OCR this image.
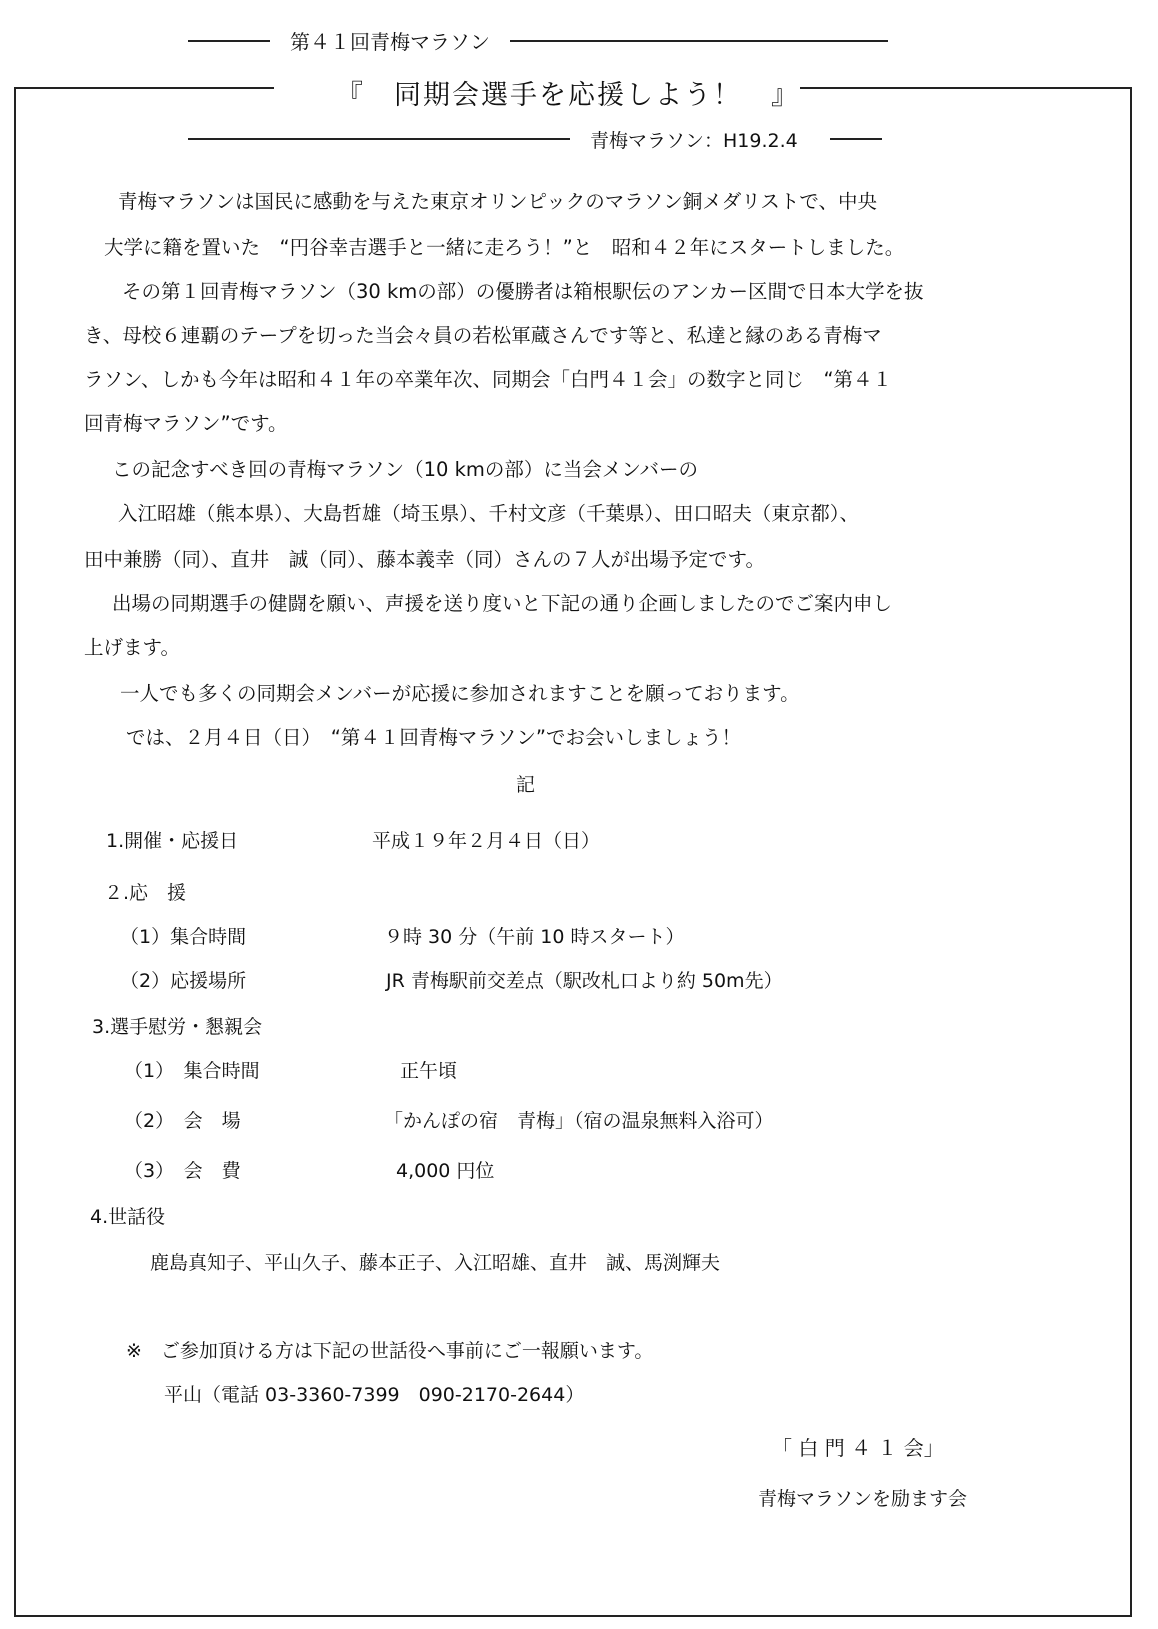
第４１回青梅マラソン
『　同期会選手を応援しよう！　』
青梅マラソン：H19.2.4
青梅マラソンは国民に感動を与えた東京オリンピックのマラソン銅メダリストで、中央
大学に籍を置いた　“円谷幸吉選手と一緒に走ろう！”と　昭和４２年にスタートしました。
その第１回青梅マラソン（30 kmの部）の優勝者は箱根駅伝のアンカー区間で日本大学を抜
き、母校６連覇のテープを切った当会々員の若松軍蔵さんです等と、私達と縁のある青梅マ
ラソン、しかも今年は昭和４１年の卒業年次、同期会「白門４１会」の数字と同じ　“第４１
回青梅マラソン”です。
この記念すべき回の青梅マラソン（10 kmの部）に当会メンバーの
入江昭雄（熊本県）、大島哲雄（埼玉県）、千村文彦（千葉県）、田口昭夫（東京都）、
田中兼勝（同）、直井　誠（同）、藤本義幸（同）さんの７人が出場予定です。
出場の同期選手の健闘を願い、声援を送り度いと下記の通り企画しましたのでご案内申し
上げます。
一人でも多くの同期会メンバーが応援に参加されますことを願っております。
では、２月４日（日）　“第４１回青梅マラソン”でお会いしましょう！
記
1.開催・応援日	平成１９年２月４日（日）
２.応　援
（1）集合時間	９時 30 分（午前 10 時スタート）
（2）応援場所	JR 青梅駅前交差点（駅改札口より約 50m先）
3.選手慰労・懇親会
（1）　集合時間	正午頃
（2）　会　場	「かんぽの宿　青梅」（宿の温泉無料入浴可）
（3）　会　費	4,000 円位
4.世話役
鹿島真知子、平山久子、藤本正子、入江昭雄、直井　誠、馬渕輝夫
※　ご参加頂ける方は下記の世話役へ事前にご一報願います。
平山（電話 03-3360-7399　090-2170-2644）
「 白 門 ４ １ 会」
青梅マラソンを励ます会
